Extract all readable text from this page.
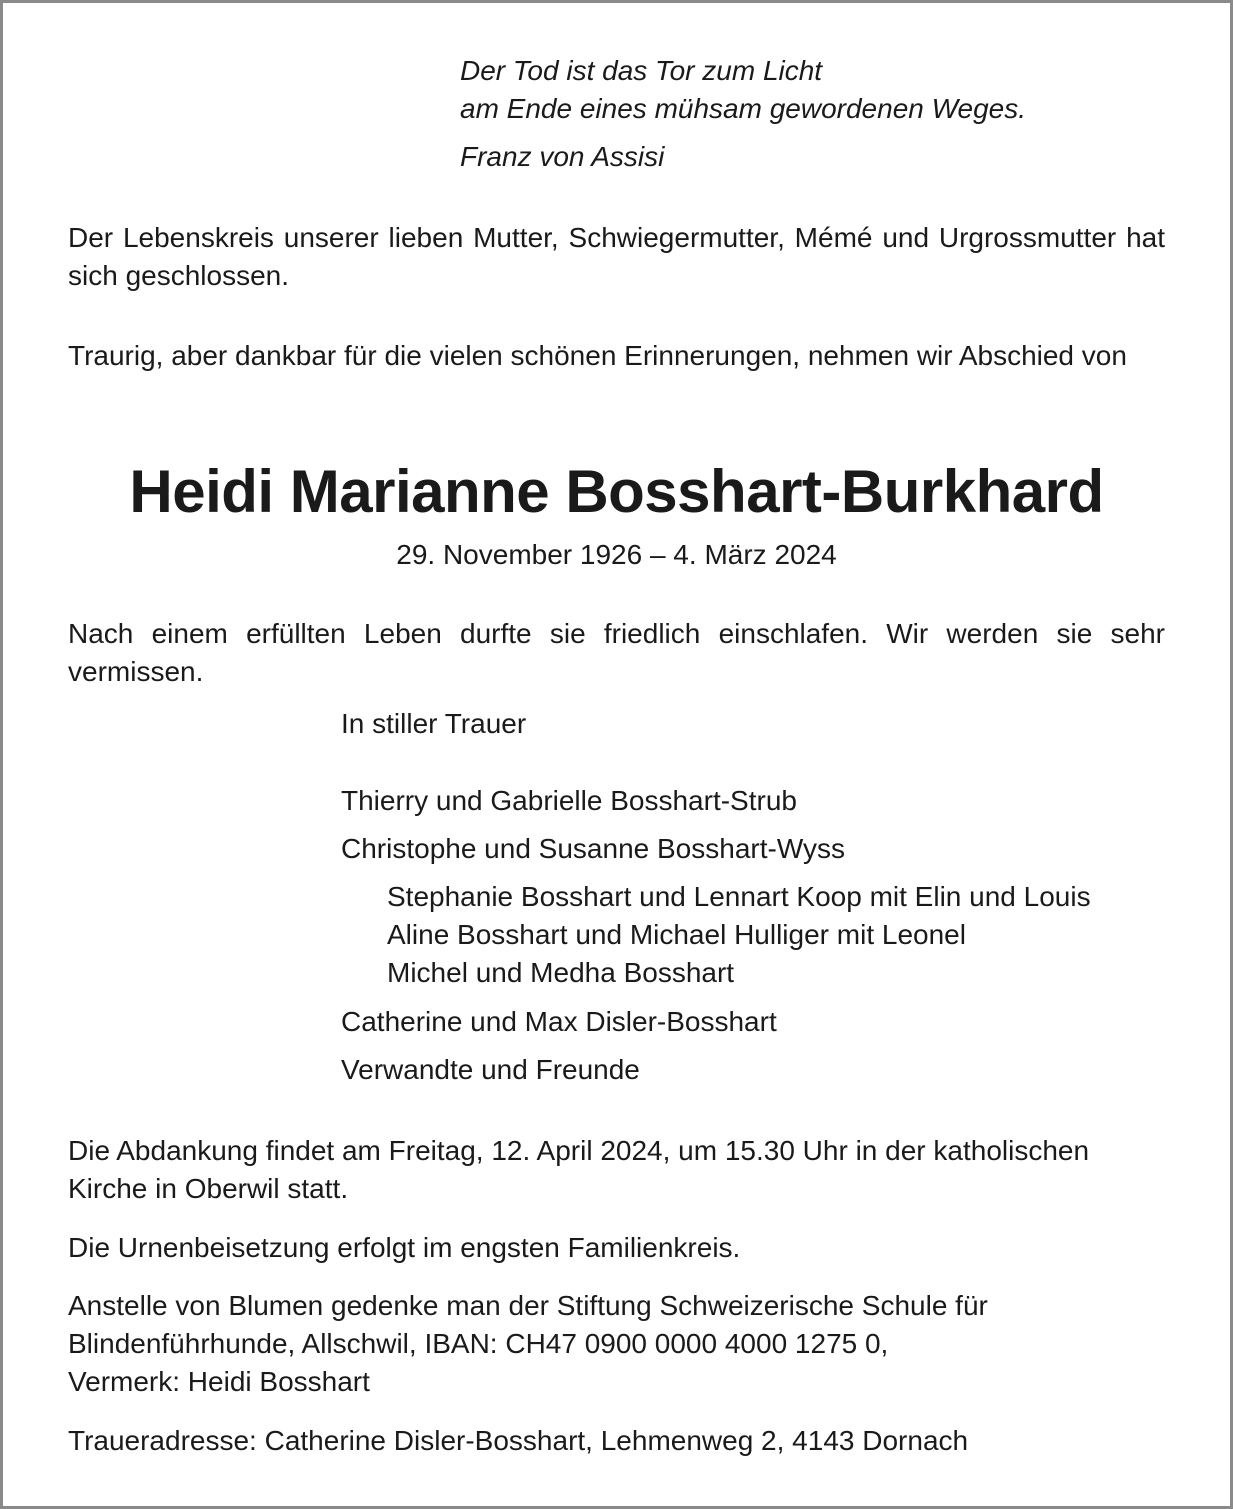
Der Tod ist das Tor zum Licht
am Ende eines mühsam gewordenen Weges.
Franz von Assisi
Der Lebenskreis unserer lieben Mutter, Schwiegermutter, Mémé und Urgrossmutter hat sich geschlossen.
Traurig, aber dankbar für die vielen schönen Erinnerungen, nehmen wir Abschied von
Heidi Marianne Bosshart-Burkhard
29. November 1926 – 4. März 2024
Nach einem erfüllten Leben durfte sie friedlich einschlafen. Wir werden sie sehr vermissen.
In stiller Trauer
Thierry und Gabrielle Bosshart-Strub
Christophe und Susanne Bosshart-Wyss
Stephanie Bosshart und Lennart Koop mit Elin und Louis
Aline Bosshart und Michael Hulliger mit Leonel
Michel und Medha Bosshart
Catherine und Max Disler-Bosshart
Verwandte und Freunde
Die Abdankung findet am Freitag, 12. April 2024, um 15.30 Uhr in der katholischen Kirche in Oberwil statt.
Die Urnenbeisetzung erfolgt im engsten Familienkreis.
Anstelle von Blumen gedenke man der Stiftung Schweizerische Schule für
Blindenführhunde, Allschwil, IBAN: CH47 0900 0000 4000 1275 0,
Vermerk: Heidi Bosshart
Traueradresse: Catherine Disler-Bosshart, Lehmenweg 2, 4143 Dornach
